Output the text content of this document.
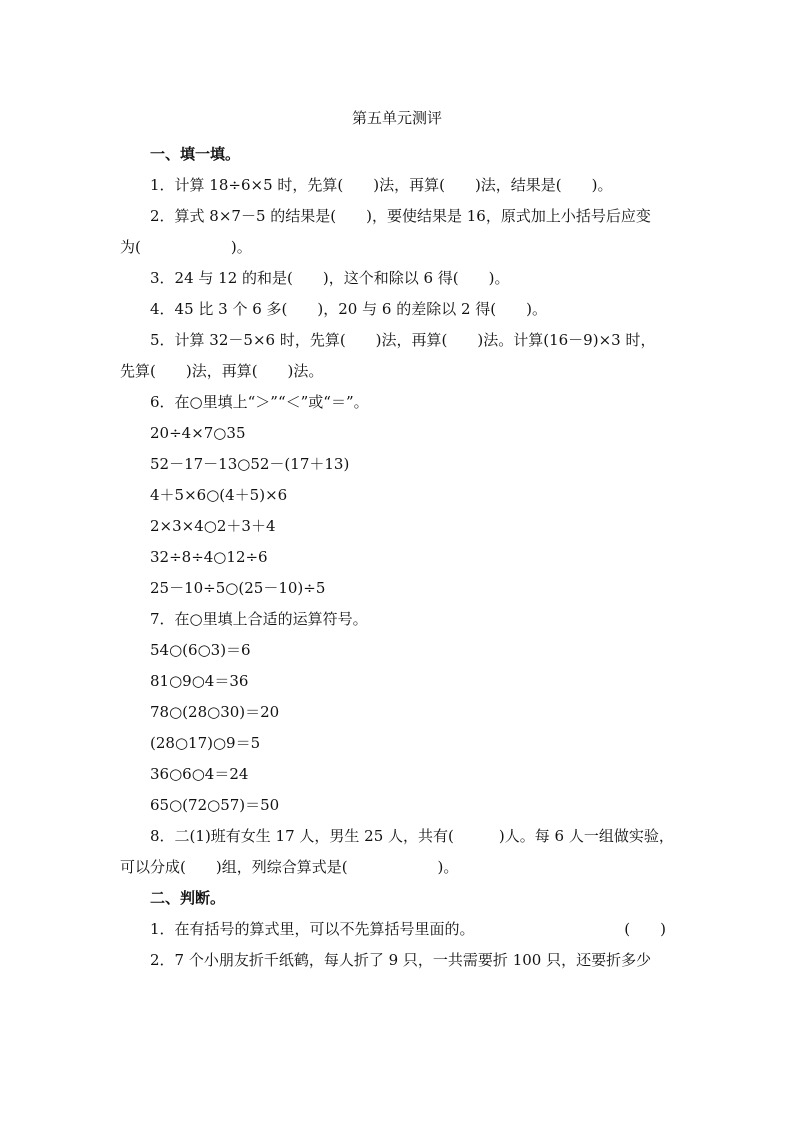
第五单元测评

一、填一填。

1．计算 18÷6×5 时，先算(　　)法，再算(　　)法，结果是(　　)。

2．算式 8×7－5 的结果是(　　)，要使结果是 16，原式加上小括号后应变

为(　　　　　　)。

3．24 与 12 的和是(　　)，这个和除以 6 得(　　)。

4．45 比 3 个 6 多(　　)，20 与 6 的差除以 2 得(　　)。

5．计算 32－5×6 时，先算(　　)法，再算(　　)法。计算(16－9)×3 时，

先算(　　)法，再算(　　)法。

6．在○里填上“＞”“＜”或“＝”。

20÷4×7○35

52－17－13○52－(17＋13)

4＋5×6○(4＋5)×6

2×3×4○2＋3＋4

32÷8÷4○12÷6

25－10÷5○(25－10)÷5

7．在○里填上合适的运算符号。

54○(6○3)＝6

81○9○4＝36

78○(28○30)＝20

(28○17)○9＝5

36○6○4＝24

65○(72○57)＝50

8．二(1)班有女生 17 人，男生 25 人，共有(　　　)人。每 6 人一组做实验，

可以分成(　　)组，列综合算式是(　　　　　　)。

二、判断。

1．在有括号的算式里，可以不先算括号里面的。	(　　)

2．7 个小朋友折千纸鹤，每人折了 9 只，一共需要折 100 只，还要折多少
